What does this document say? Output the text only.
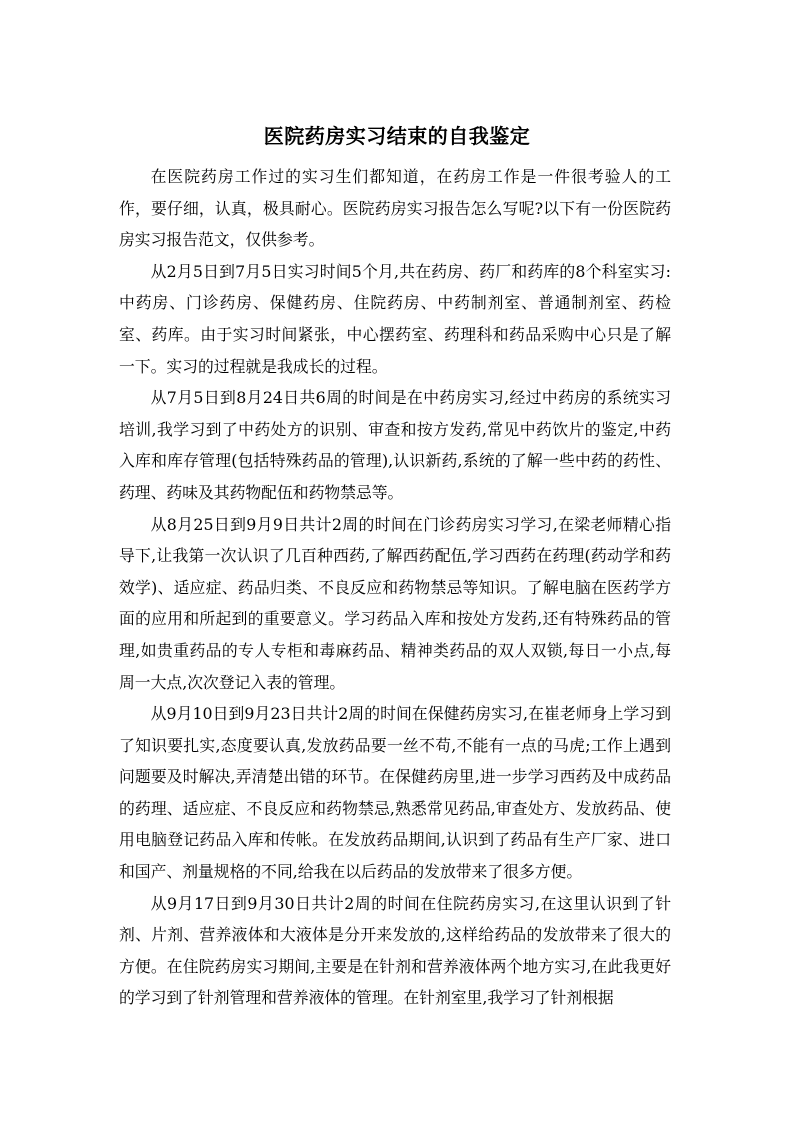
医院药房实习结束的自我鉴定

在医院药房工作过的实习生们都知道，在药房工作是一件很考验人的工作，要仔细，认真，极具耐心。医院药房实习报告怎么写呢?以下有一份医院药房实习报告范文，仅供参考。

从2月5日到7月5日实习时间5个月,共在药房、药厂和药库的8个科室实习:中药房、门诊药房、保健药房、住院药房、中药制剂室、普通制剂室、药检室、药库。由于实习时间紧张，中心摆药室、药理科和药品采购中心只是了解一下。实习的过程就是我成长的过程。

从7月5日到8月24日共6周的时间是在中药房实习,经过中药房的系统实习培训,我学习到了中药处方的识别、审查和按方发药,常见中药饮片的鉴定,中药入库和库存管理(包括特殊药品的管理),认识新药,系统的了解一些中药的药性、药理、药味及其药物配伍和药物禁忌等。

从8月25日到9月9日共计2周的时间在门诊药房实习学习,在梁老师精心指导下,让我第一次认识了几百种西药,了解西药配伍,学习西药在药理(药动学和药效学)、适应症、药品归类、不良反应和药物禁忌等知识。了解电脑在医药学方面的应用和所起到的重要意义。学习药品入库和按处方发药,还有特殊药品的管理,如贵重药品的专人专柜和毒麻药品、精神类药品的双人双锁,每日一小点,每周一大点,次次登记入表的管理。

从9月10日到9月23日共计2周的时间在保健药房实习,在崔老师身上学习到了知识要扎实,态度要认真,发放药品要一丝不苟,不能有一点的马虎;工作上遇到问题要及时解决,弄清楚出错的环节。在保健药房里,进一步学习西药及中成药品的药理、适应症、不良反应和药物禁忌,熟悉常见药品,审查处方、发放药品、使用电脑登记药品入库和传帐。在发放药品期间,认识到了药品有生产厂家、进口和国产、剂量规格的不同,给我在以后药品的发放带来了很多方便。

从9月17日到9月30日共计2周的时间在住院药房实习,在这里认识到了针剂、片剂、营养液体和大液体是分开来发放的,这样给药品的发放带来了很大的方便。在住院药房实习期间,主要是在针剂和营养液体两个地方实习,在此我更好的学习到了针剂管理和营养液体的管理。在针剂室里,我学习了针剂根据
